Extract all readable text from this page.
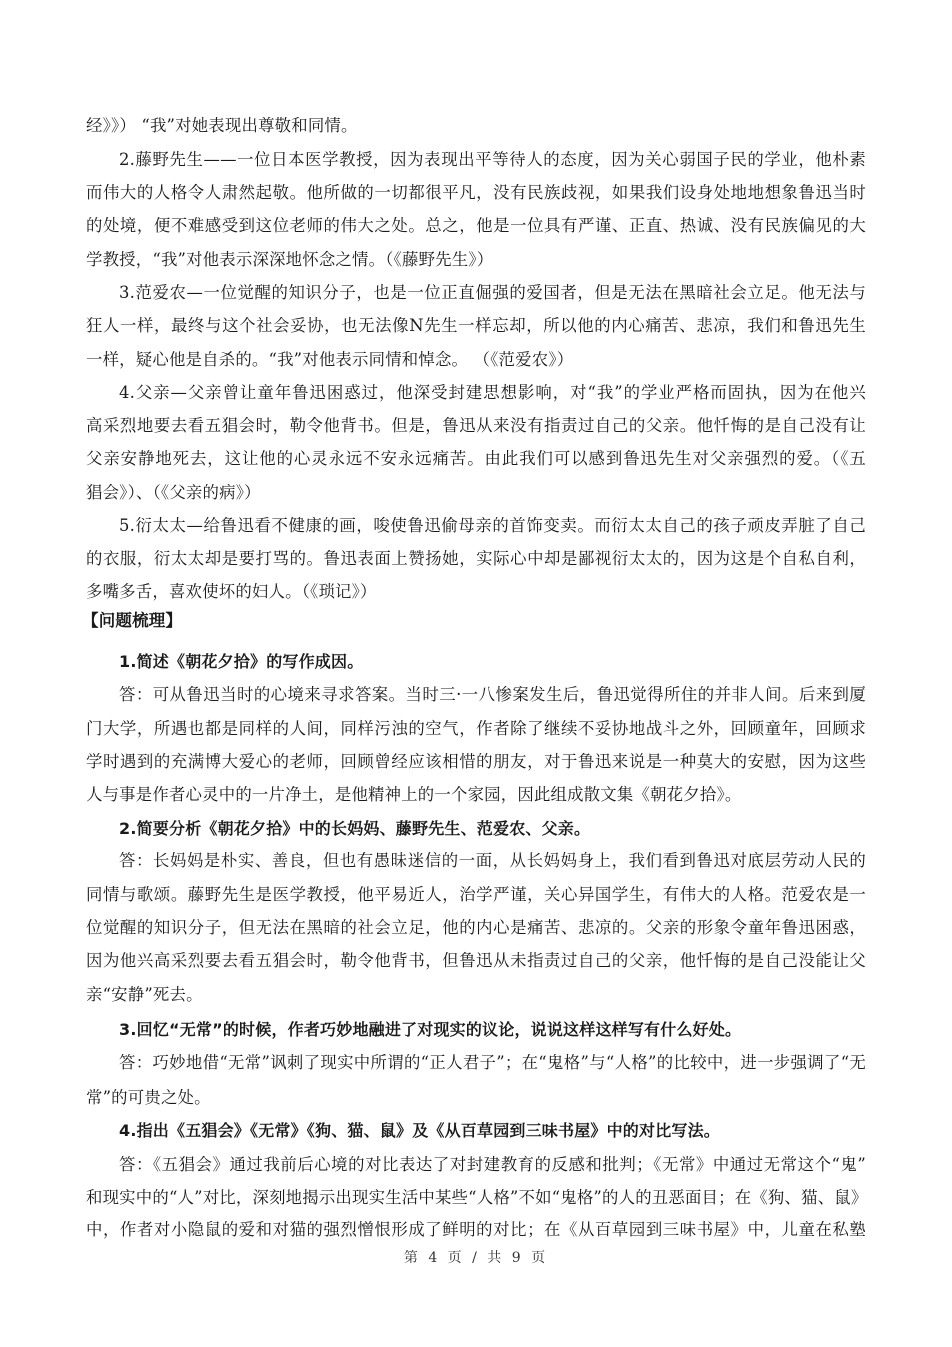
经》》） “我”对她表现出尊敬和同情。
2.藤野先生——一位日本医学教授，因为表现出平等待人的态度，因为关心弱国子民的学业，他朴素
而伟大的人格令人肃然起敬。他所做的一切都很平凡，没有民族歧视，如果我们设身处地地想象鲁迅当时
的处境，便不难感受到这位老师的伟大之处。总之，他是一位具有严谨、正直、热诚、没有民族偏见的大
学教授，“我”对他表示深深地怀念之情。（《藤野先生》）
3.范爱农—一位觉醒的知识分子，也是一位正直倔强的爱国者，但是无法在黑暗社会立足。他无法与
狂人一样，最终与这个社会妥协，也无法像N先生一样忘却，所以他的内心痛苦、悲凉，我们和鲁迅先生
一样，疑心他是自杀的。“我”对他表示同情和悼念。 （《范爱农》）
4.父亲—父亲曾让童年鲁迅困惑过，他深受封建思想影响，对“我”的学业严格而固执，因为在他兴
高采烈地要去看五猖会时，勒令他背书。但是，鲁迅从来没有指责过自己的父亲。他忏悔的是自己没有让
父亲安静地死去，这让他的心灵永远不安永远痛苦。由此我们可以感到鲁迅先生对父亲强烈的爱。（《五
猖会》）、（《父亲的病》）
5.衍太太—给鲁迅看不健康的画，唆使鲁迅偷母亲的首饰变卖。而衍太太自己的孩子顽皮弄脏了自己
的衣服，衍太太却是要打骂的。鲁迅表面上赞扬她，实际心中却是鄙视衍太太的，因为这是个自私自利，
多嘴多舌，喜欢使坏的妇人。（《琐记》）
【问题梳理】
1.简述《朝花夕拾》的写作成因。
答：可从鲁迅当时的心境来寻求答案。当时三·一八惨案发生后，鲁迅觉得所住的并非人间。后来到厦
门大学，所遇也都是同样的人间，同样污浊的空气，作者除了继续不妥协地战斗之外，回顾童年，回顾求
学时遇到的充满博大爱心的老师，回顾曾经应该相惜的朋友，对于鲁迅来说是一种莫大的安慰，因为这些
人与事是作者心灵中的一片净土，是他精神上的一个家园，因此组成散文集《朝花夕拾》。
2.简要分析《朝花夕拾》中的长妈妈、藤野先生、范爱农、父亲。
答：长妈妈是朴实、善良，但也有愚昧迷信的一面，从长妈妈身上，我们看到鲁迅对底层劳动人民的
同情与歌颂。藤野先生是医学教授，他平易近人，治学严谨，关心异国学生，有伟大的人格。范爱农是一
位觉醒的知识分子，但无法在黑暗的社会立足，他的内心是痛苦、悲凉的。父亲的形象令童年鲁迅困惑，
因为他兴高采烈要去看五猖会时，勒令他背书，但鲁迅从未指责过自己的父亲，他忏悔的是自己没能让父
亲“安静”死去。
3.回忆“无常”的时候，作者巧妙地融进了对现实的议论，说说这样这样写有什么好处。
答：巧妙地借“无常”讽刺了现实中所谓的“正人君子”；在“鬼格”与“人格”的比较中，进一步强调了“无
常”的可贵之处。
4.指出《五猖会》《无常》《狗、猫、鼠》及《从百草园到三味书屋》中的对比写法。
答：《五猖会》通过我前后心境的对比表达了对封建教育的反感和批判；《无常》中通过无常这个“鬼”
和现实中的“人”对比，深刻地揭示出现实生活中某些“人格”不如“鬼格”的人的丑恶面目；在《狗、猫、鼠》
中，作者对小隐鼠的爱和对猫的强烈憎恨形成了鲜明的对比；在《从百草园到三味书屋》中，儿童在私塾
第 4 页 / 共 9 页
